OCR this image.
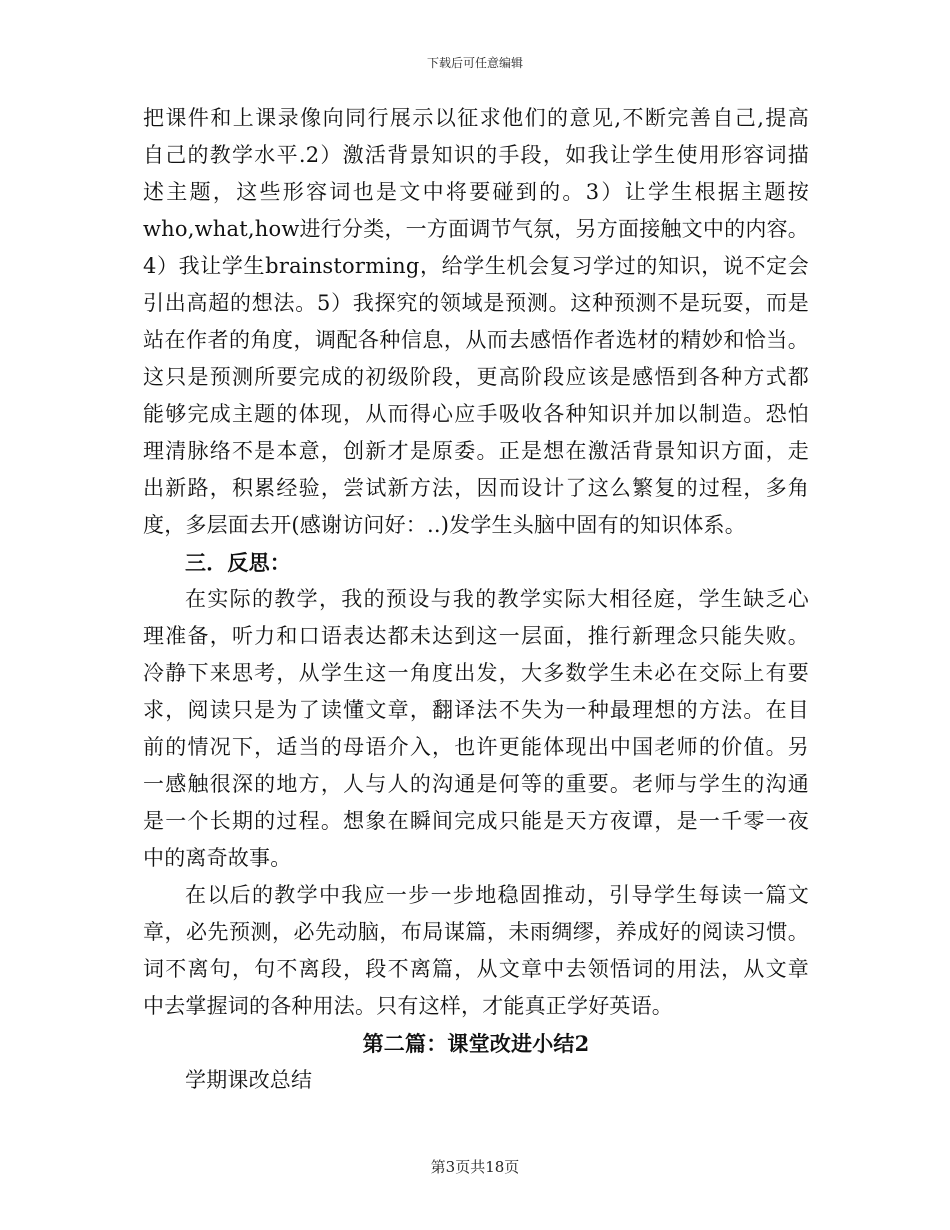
下载后可任意编辑
把课件和上课录像向同行展示以征求他们的意见,不断完善自己,提高
自己的教学水平.2）激活背景知识的手段，如我让学生使用形容词描
述主题，这些形容词也是文中将要碰到的。3）让学生根据主题按
who,what,how进行分类，一方面调节气氛，另方面接触文中的内容。
4）我让学生brainstorming，给学生机会复习学过的知识，说不定会
引出高超的想法。5）我探究的领域是预测。这种预测不是玩耍，而是
站在作者的角度，调配各种信息，从而去感悟作者选材的精妙和恰当。
这只是预测所要完成的初级阶段，更高阶段应该是感悟到各种方式都
能够完成主题的体现，从而得心应手吸收各种知识并加以制造。恐怕
理清脉络不是本意，创新才是原委。正是想在激活背景知识方面，走
出新路，积累经验，尝试新方法，因而设计了这么繁复的过程，多角
度，多层面去开(感谢访问好：..)发学生头脑中固有的知识体系。
三．反思：
在实际的教学，我的预设与我的教学实际大相径庭，学生缺乏心
理准备，听力和口语表达都未达到这一层面，推行新理念只能失败。
冷静下来思考，从学生这一角度出发，大多数学生未必在交际上有要
求，阅读只是为了读懂文章，翻译法不失为一种最理想的方法。在目
前的情况下，适当的母语介入，也许更能体现出中国老师的价值。另
一感触很深的地方，人与人的沟通是何等的重要。老师与学生的沟通
是一个长期的过程。想象在瞬间完成只能是天方夜谭，是一千零一夜
中的离奇故事。
在以后的教学中我应一步一步地稳固推动，引导学生每读一篇文
章，必先预测，必先动脑，布局谋篇，未雨绸缪，养成好的阅读习惯。
词不离句，句不离段，段不离篇，从文章中去领悟词的用法，从文章
中去掌握词的各种用法。只有这样，才能真正学好英语。
第二篇：课堂改进小结2
学期课改总结
第3页共18页
